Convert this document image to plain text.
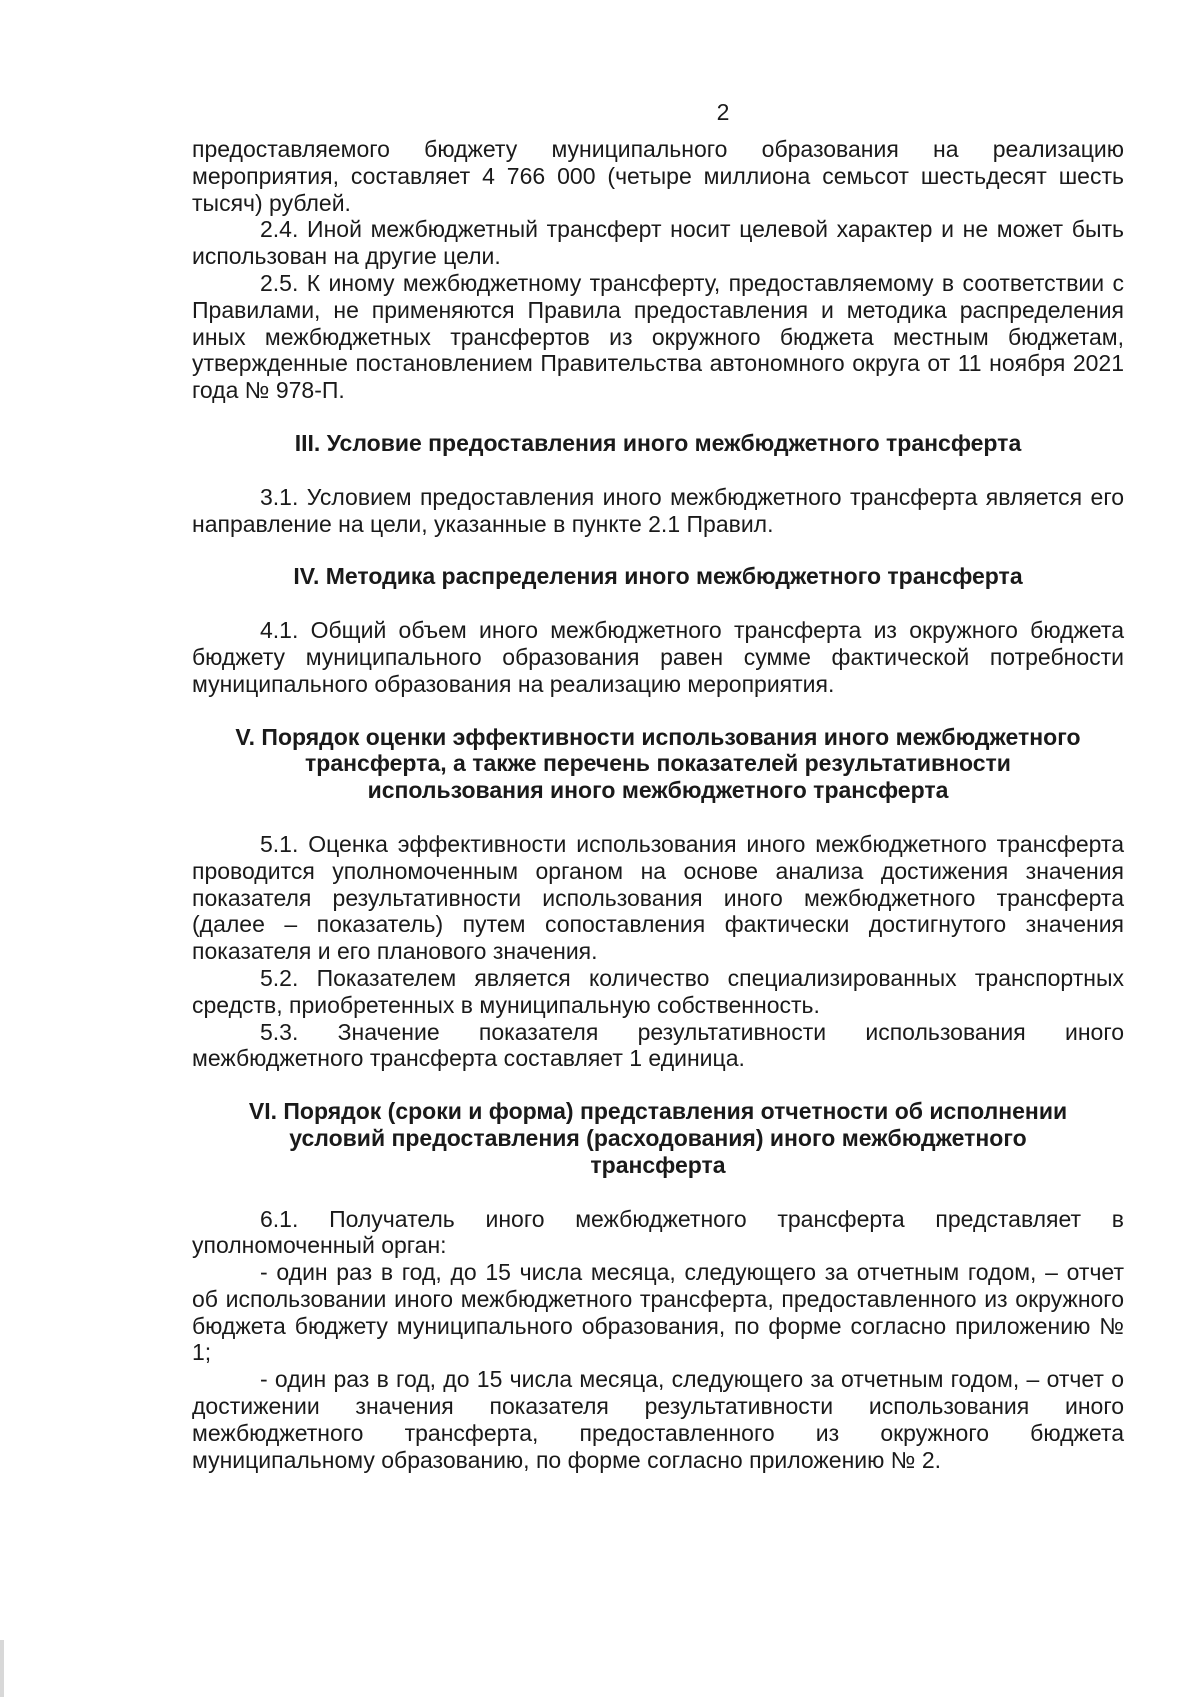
2

предоставляемого бюджету муниципального образования на реализацию мероприятия, составляет 4 766 000 (четыре миллиона семьсот шестьдесят шесть тысяч) рублей.

2.4. Иной межбюджетный трансферт носит целевой характер и не может быть использован на другие цели.

2.5. К иному межбюджетному трансферту, предоставляемому в соответствии с Правилами, не применяются Правила предоставления и методика распределения иных межбюджетных трансфертов из окружного бюджета местным бюджетам, утвержденные постановлением Правительства автономного округа от 11 ноября 2021 года № 978-П.

III. Условие предоставления иного межбюджетного трансферта

3.1. Условием предоставления иного межбюджетного трансферта является его направление на цели, указанные в пункте 2.1 Правил.

IV. Методика распределения иного межбюджетного трансферта

4.1. Общий объем иного межбюджетного трансферта из окружного бюджета бюджету муниципального образования равен сумме фактической потребности муниципального образования на реализацию мероприятия.

V. Порядок оценки эффективности использования иного межбюджетного

трансферта, а также перечень показателей результативности

использования иного межбюджетного трансферта

5.1. Оценка эффективности использования иного межбюджетного трансферта проводится уполномоченным органом на основе анализа достижения значения показателя результативности использования иного межбюджетного трансферта (далее – показатель) путем сопоставления фактически достигнутого значения показателя и его планового значения.

5.2. Показателем является количество специализированных транспортных средств, приобретенных в муниципальную собственность.

5.3. Значение показателя результативности использования иного межбюджетного трансферта составляет 1 единица.

VI. Порядок (сроки и форма) представления отчетности об исполнении

условий предоставления (расходования) иного межбюджетного

трансферта

6.1. Получатель иного межбюджетного трансферта представляет в уполномоченный орган:

- один раз в год, до 15 числа месяца, следующего за отчетным годом, – отчет об использовании иного межбюджетного трансферта, предоставленного из окружного бюджета бюджету муниципального образования, по форме согласно приложению № 1;

- один раз в год, до 15 числа месяца, следующего за отчетным годом, – отчет о достижении значения показателя результативности использования иного межбюджетного трансферта, предоставленного из окружного бюджета муниципальному образованию, по форме согласно приложению № 2.
